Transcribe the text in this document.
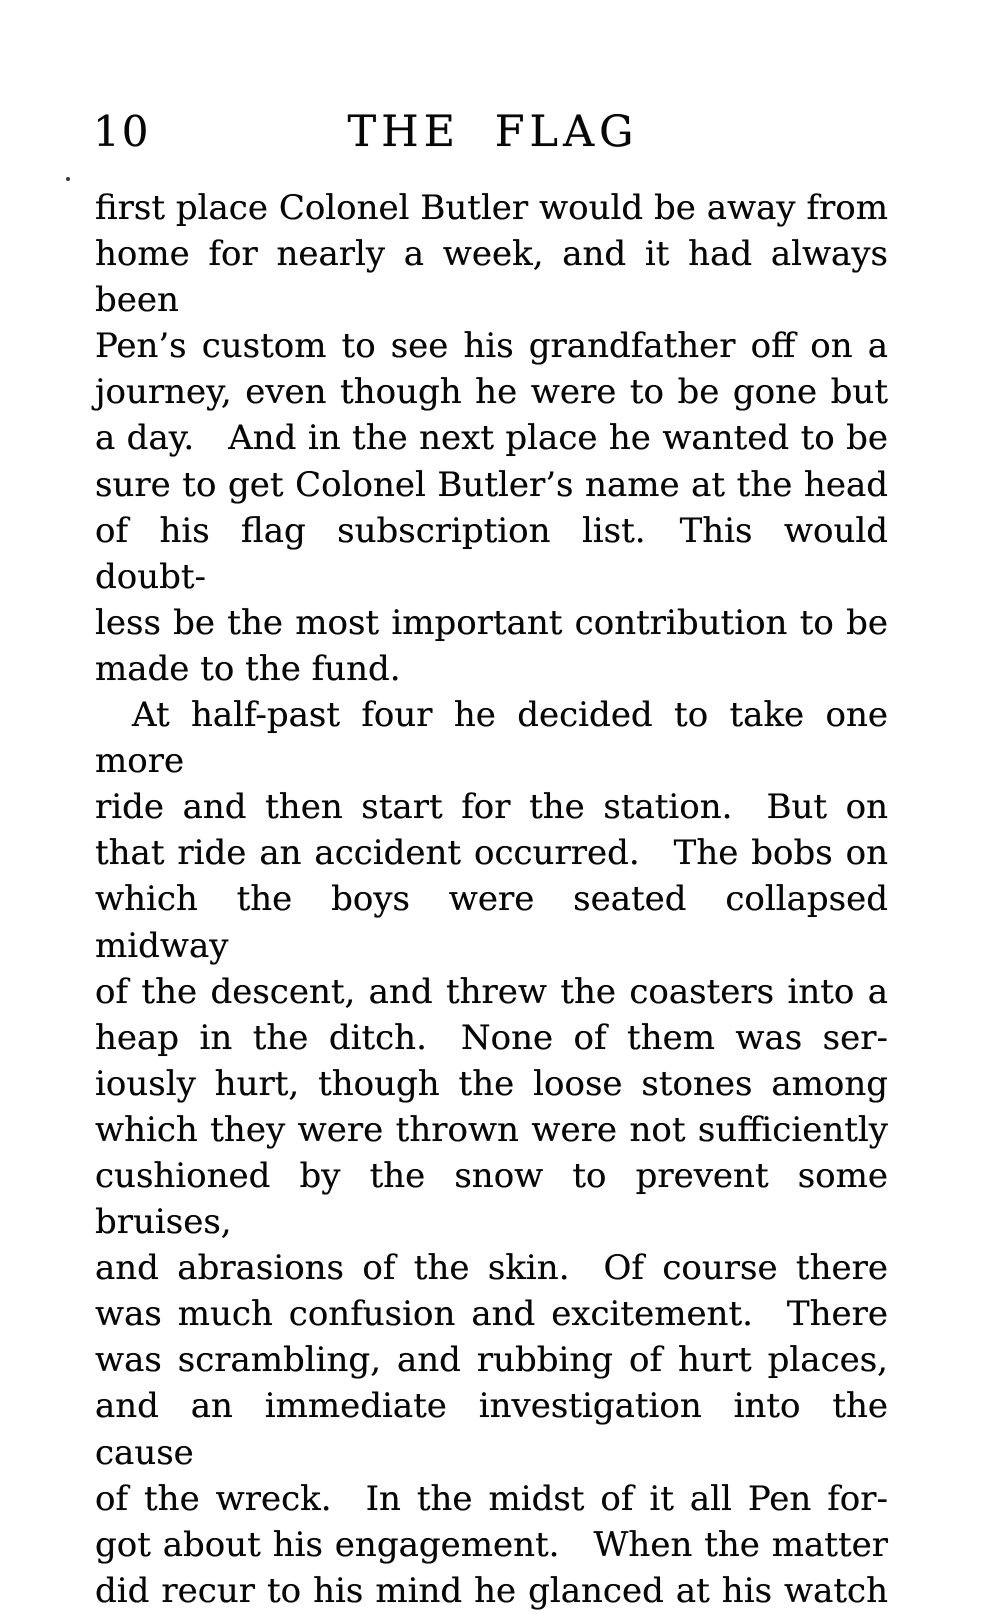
10	THE FLAG
first place Colonel Butler would be away from
home for nearly a week, and it had always been
Pen’s custom to see his grandfather off on a
journey, even though he were to be gone but
a day. And in the next place he wanted to be
sure to get Colonel Butler’s name at the head
of his flag subscription list. This would doubt-
less be the most important contribution to be
made to the fund.
At half-past four he decided to take one more
ride and then start for the station. But on
that ride an accident occurred. The bobs on
which the boys were seated collapsed midway
of the descent, and threw the coasters into a
heap in the ditch. None of them was ser-
iously hurt, though the loose stones among
which they were thrown were not sufficiently
cushioned by the snow to prevent some bruises,
and abrasions of the skin. Of course there
was much confusion and excitement. There
was scrambling, and rubbing of hurt places,
and an immediate investigation into the cause
of the wreck. In the midst of it all Pen for-
got about his engagement. When the matter
did recur to his mind he glanced at his watch
